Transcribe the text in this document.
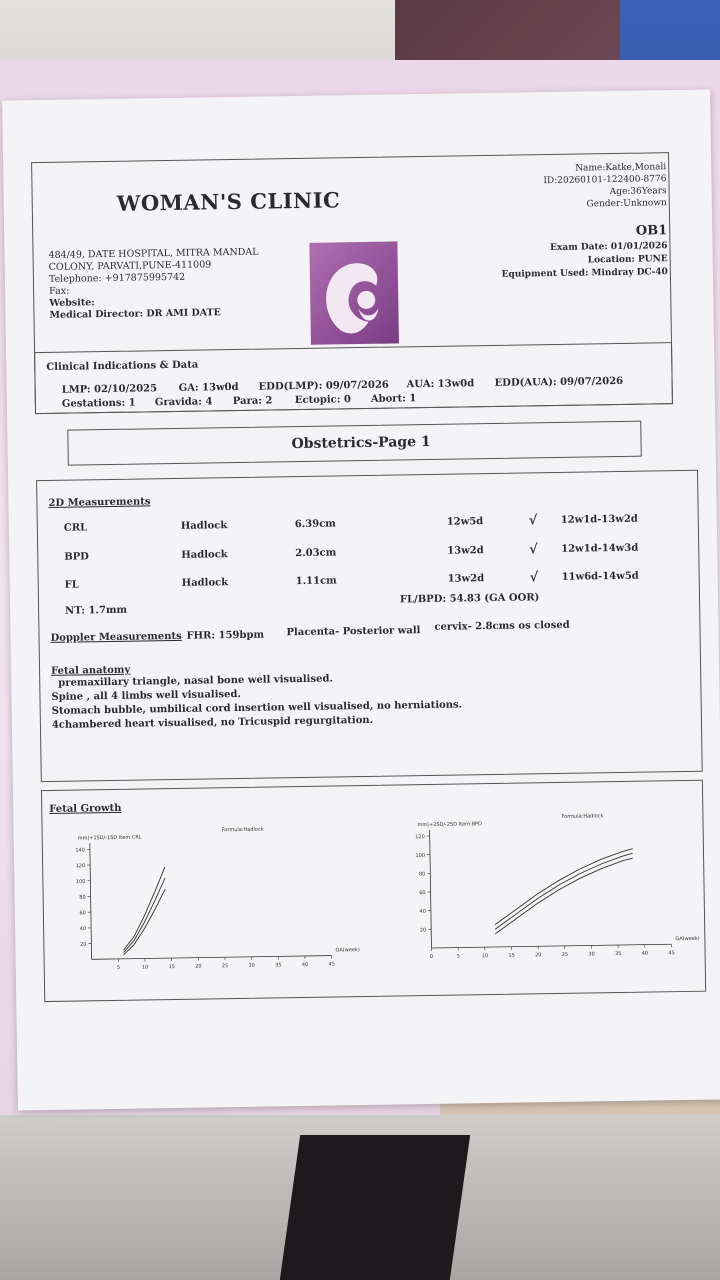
WOMAN'S CLINIC
Name:Katke,Monali
ID:20260101-122400-8776
Age:36Years
Gender:Unknown
OB1
Exam Date: 01/01/2026
Location: PUNE
Equipment Used: Mindray DC-40
484/49, DATE HOSPITAL, MITRA MANDAL
COLONY, PARVATI,PUNE-411009
Telephone: +917875995742
Fax:
Website:
Medical Director: DR AMI DATE
Clinical Indications & Data
LMP: 02/10/2025 GA: 13w0d EDD(LMP): 09/07/2026 AUA: 13w0d EDD(AUA): 09/07/2026
Gestations: 1 Gravida: 4 Para: 2 Ectopic: 0 Abort: 1
Obstetrics-Page 1
2D Measurements
CRL	Hadlock	6.39cm	12w5d	√ 12w1d-13w2d
BPD	Hadlock	2.03cm	13w2d	√ 12w1d-14w3d
FL	Hadlock	1.11cm	13w2d	√ 11w6d-14w5d
NT: 1.7mm
FL/BPD: 54.83 (GA OOR)
Doppler Measurements FHR: 159bpm Placenta- Posterior wall cervix- 2.8cms os closed
Fetal anatomy
premaxillary triangle, nasal bone well visualised.
Spine , all 4 limbs well visualised.
Stomach bubble, umbilical cord insertion well visualised, no herniations.
4chambered heart visualised, no Tricuspid regurgitation.
Fetal Growth
5	10	15	20	25	30	35	40	45
20
40
60
80
100
120
140
mm|+1SD/-1SD Item:CRL
GA(week)
Formula:Hadlock
0	5	10	15	20	25	30	35	40	45
20
40
60
80
100
120
mm|+2SD/-2SD Item:BPD
GA(week)
Formula:Hadlock
